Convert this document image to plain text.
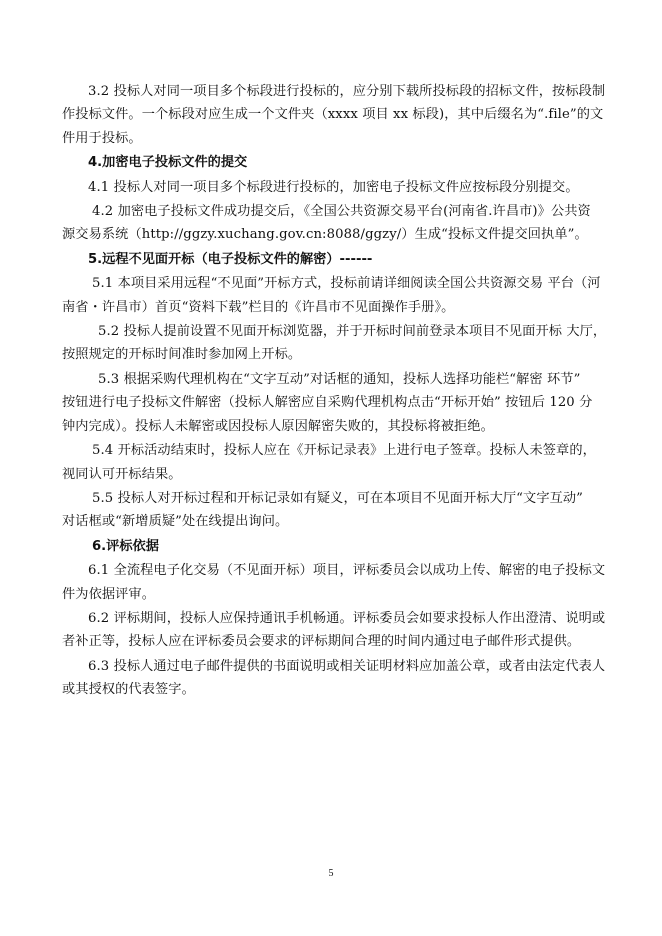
3.2 投标人对同一项目多个标段进行投标的，应分别下载所投标段的招标文件，按标段制
作投标文件。一个标段对应生成一个文件夹（xxxx 项目 xx 标段)，其中后缀名为“.file”的文
件用于投标。

4.加密电子投标文件的提交

4.1 投标人对同一项目多个标段进行投标的，加密电子投标文件应按标段分别提交。

4.2 加密电子投标文件成功提交后，《全国公共资源交易平台(河南省.许昌市)》公共资
源交易系统（http://ggzy.xuchang.gov.cn:8088/ggzy/）生成“投标文件提交回执单”。

5.远程不见面开标（电子投标文件的解密）------

5.1 本项目采用远程“不见面”开标方式，投标前请详细阅读全国公共资源交易 平台（河
南省・许昌市）首页“资料下载”栏目的《许昌市不见面操作手册》。

5.2 投标人提前设置不见面开标浏览器，并于开标时间前登录本项目不见面开标 大厅，
按照规定的开标时间准时参加网上开标。

5.3 根据采购代理机构在“文字互动”对话框的通知，投标人选择功能栏“解密 环节”
按钮进行电子投标文件解密（投标人解密应自采购代理机构点击“开标开始” 按钮后 120 分
钟内完成）。投标人未解密或因投标人原因解密失败的，其投标将被拒绝。

5.4 开标活动结束时，投标人应在《开标记录表》上进行电子签章。投标人未签章的，
视同认可开标结果。

5.5 投标人对开标过程和开标记录如有疑义，可在本项目不见面开标大厅“文字互动”
对话框或“新增质疑”处在线提出询问。

6.评标依据

6.1 全流程电子化交易（不见面开标）项目，评标委员会以成功上传、解密的电子投标文
件为依据评审。

6.2 评标期间，投标人应保持通讯手机畅通。评标委员会如要求投标人作出澄清、说明或
者补正等，投标人应在评标委员会要求的评标期间合理的时间内通过电子邮件形式提供。

6.3 投标人通过电子邮件提供的书面说明或相关证明材料应加盖公章，或者由法定代表人
或其授权的代表签字。

5
